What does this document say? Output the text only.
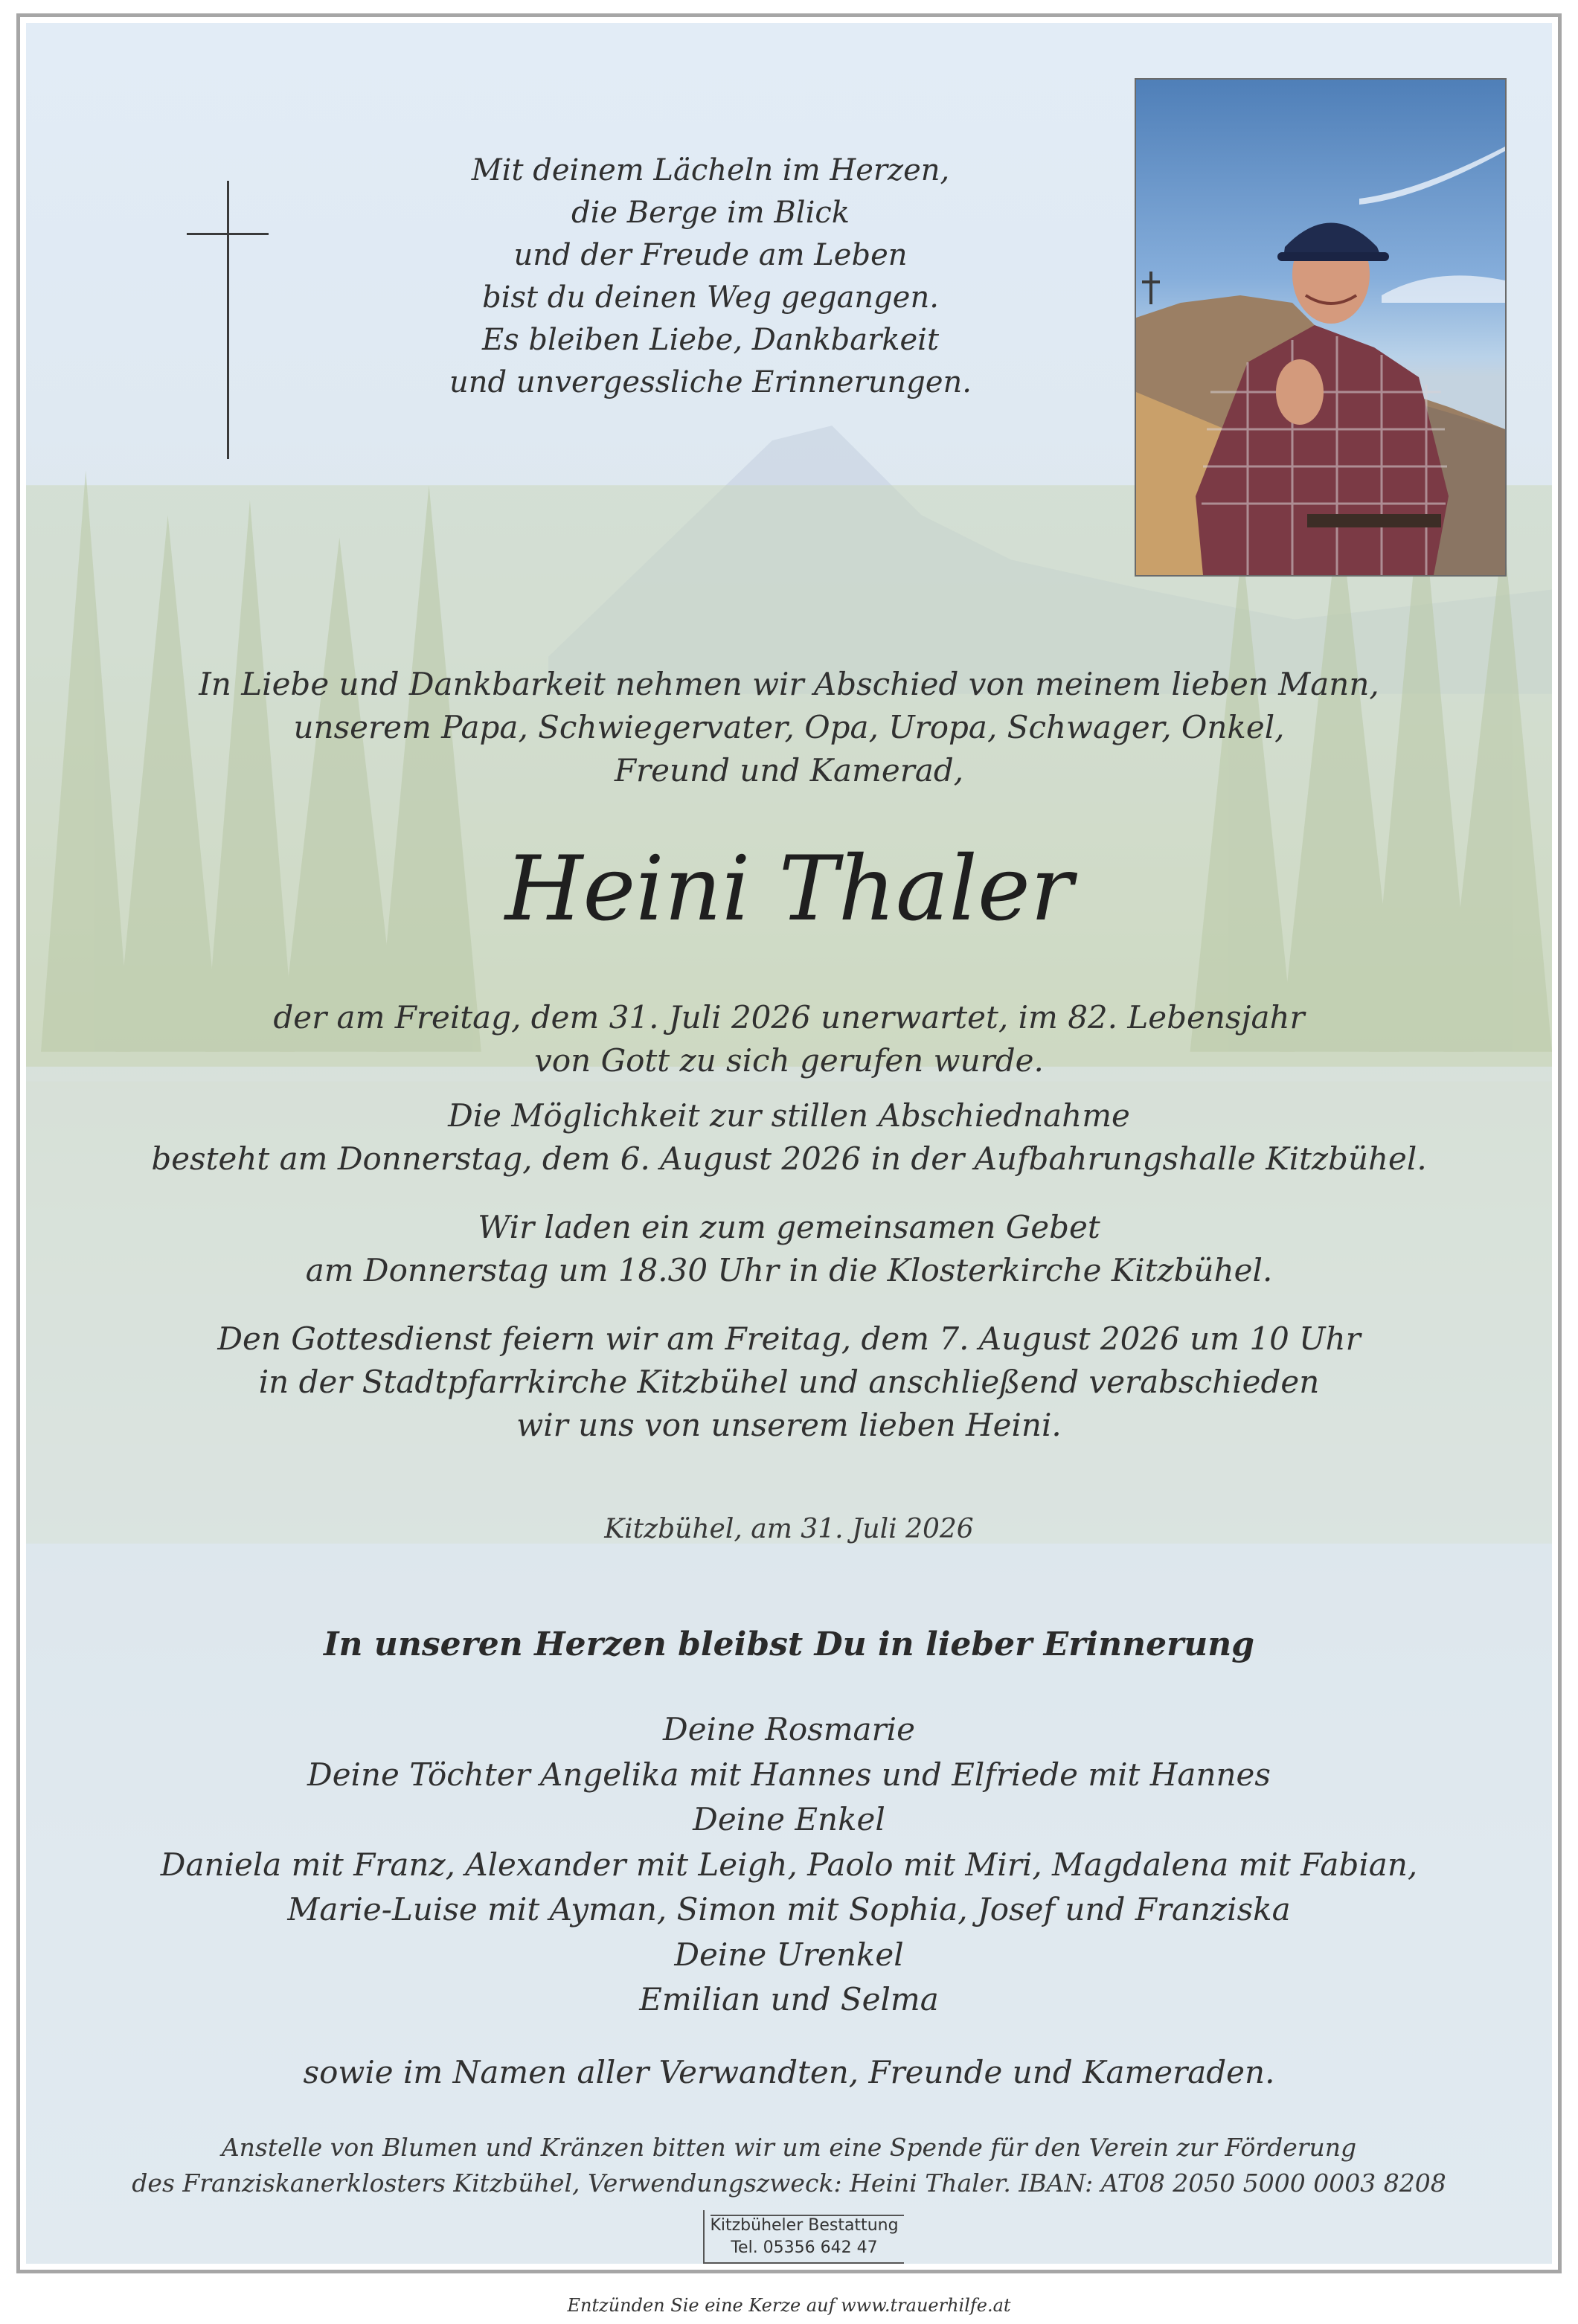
Mit deinem Lächeln im Herzen,
die Berge im Blick
und der Freude am Leben
bist du deinen Weg gegangen.
Es bleiben Liebe, Dankbarkeit
und unvergessliche Erinnerungen.
In Liebe und Dankbarkeit nehmen wir Abschied von meinem lieben Mann,
unserem Papa, Schwiegervater, Opa, Uropa, Schwager, Onkel,
Freund und Kamerad,
Heini Thaler
der am Freitag, dem 31. Juli 2026 unerwartet, im 82. Lebensjahr
von Gott zu sich gerufen wurde.
Die Möglichkeit zur stillen Abschiednahme
besteht am Donnerstag, dem 6. August 2026 in der Aufbahrungshalle Kitzbühel.
Wir laden ein zum gemeinsamen Gebet
am Donnerstag um 18.30 Uhr in die Klosterkirche Kitzbühel.
Den Gottesdienst feiern wir am Freitag, dem 7. August 2026 um 10 Uhr
in der Stadtpfarrkirche Kitzbühel und anschließend verabschieden
wir uns von unserem lieben Heini.
Kitzbühel, am 31. Juli 2026
In unseren Herzen bleibst Du in lieber Erinnerung
Deine Rosmarie
Deine Töchter Angelika mit Hannes und Elfriede mit Hannes
Deine Enkel
Daniela mit Franz, Alexander mit Leigh, Paolo mit Miri, Magdalena mit Fabian,
Marie-Luise mit Ayman, Simon mit Sophia, Josef und Franziska
Deine Urenkel
Emilian und Selma
sowie im Namen aller Verwandten, Freunde und Kameraden.
Anstelle von Blumen und Kränzen bitten wir um eine Spende für den Verein zur Förderung
des Franziskanerklosters Kitzbühel, Verwendungszweck: Heini Thaler. IBAN: AT08 2050 5000 0003 8208
Kitzbüheler Bestattung
Tel. 05356 642 47
Entzünden Sie eine Kerze auf www.trauerhilfe.at
